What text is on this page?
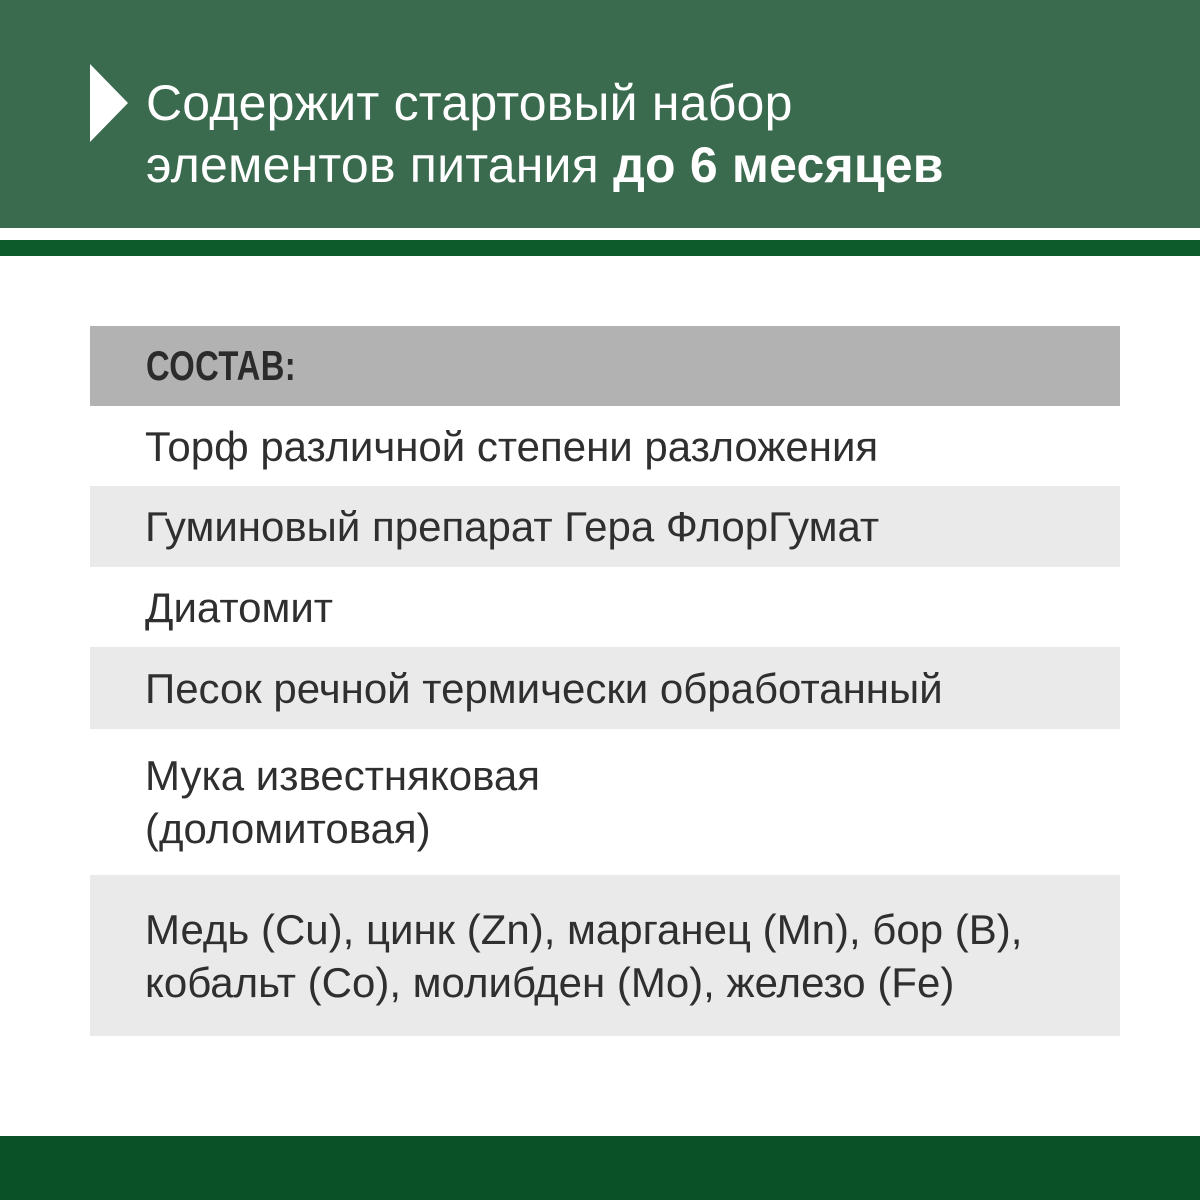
Содержит стартовый набор
элементов питания до 6 месяцев
СОСТАВ:
Торф различной степени разложения
Гуминовый препарат Гера ФлорГумат
Диатомит
Песок речной термически обработанный
Мука известняковая
(доломитовая)
Медь (Cu), цинк (Zn), марганец (Mn), бор (B),
кобальт (Co), молибден (Mo), железо (Fe)
